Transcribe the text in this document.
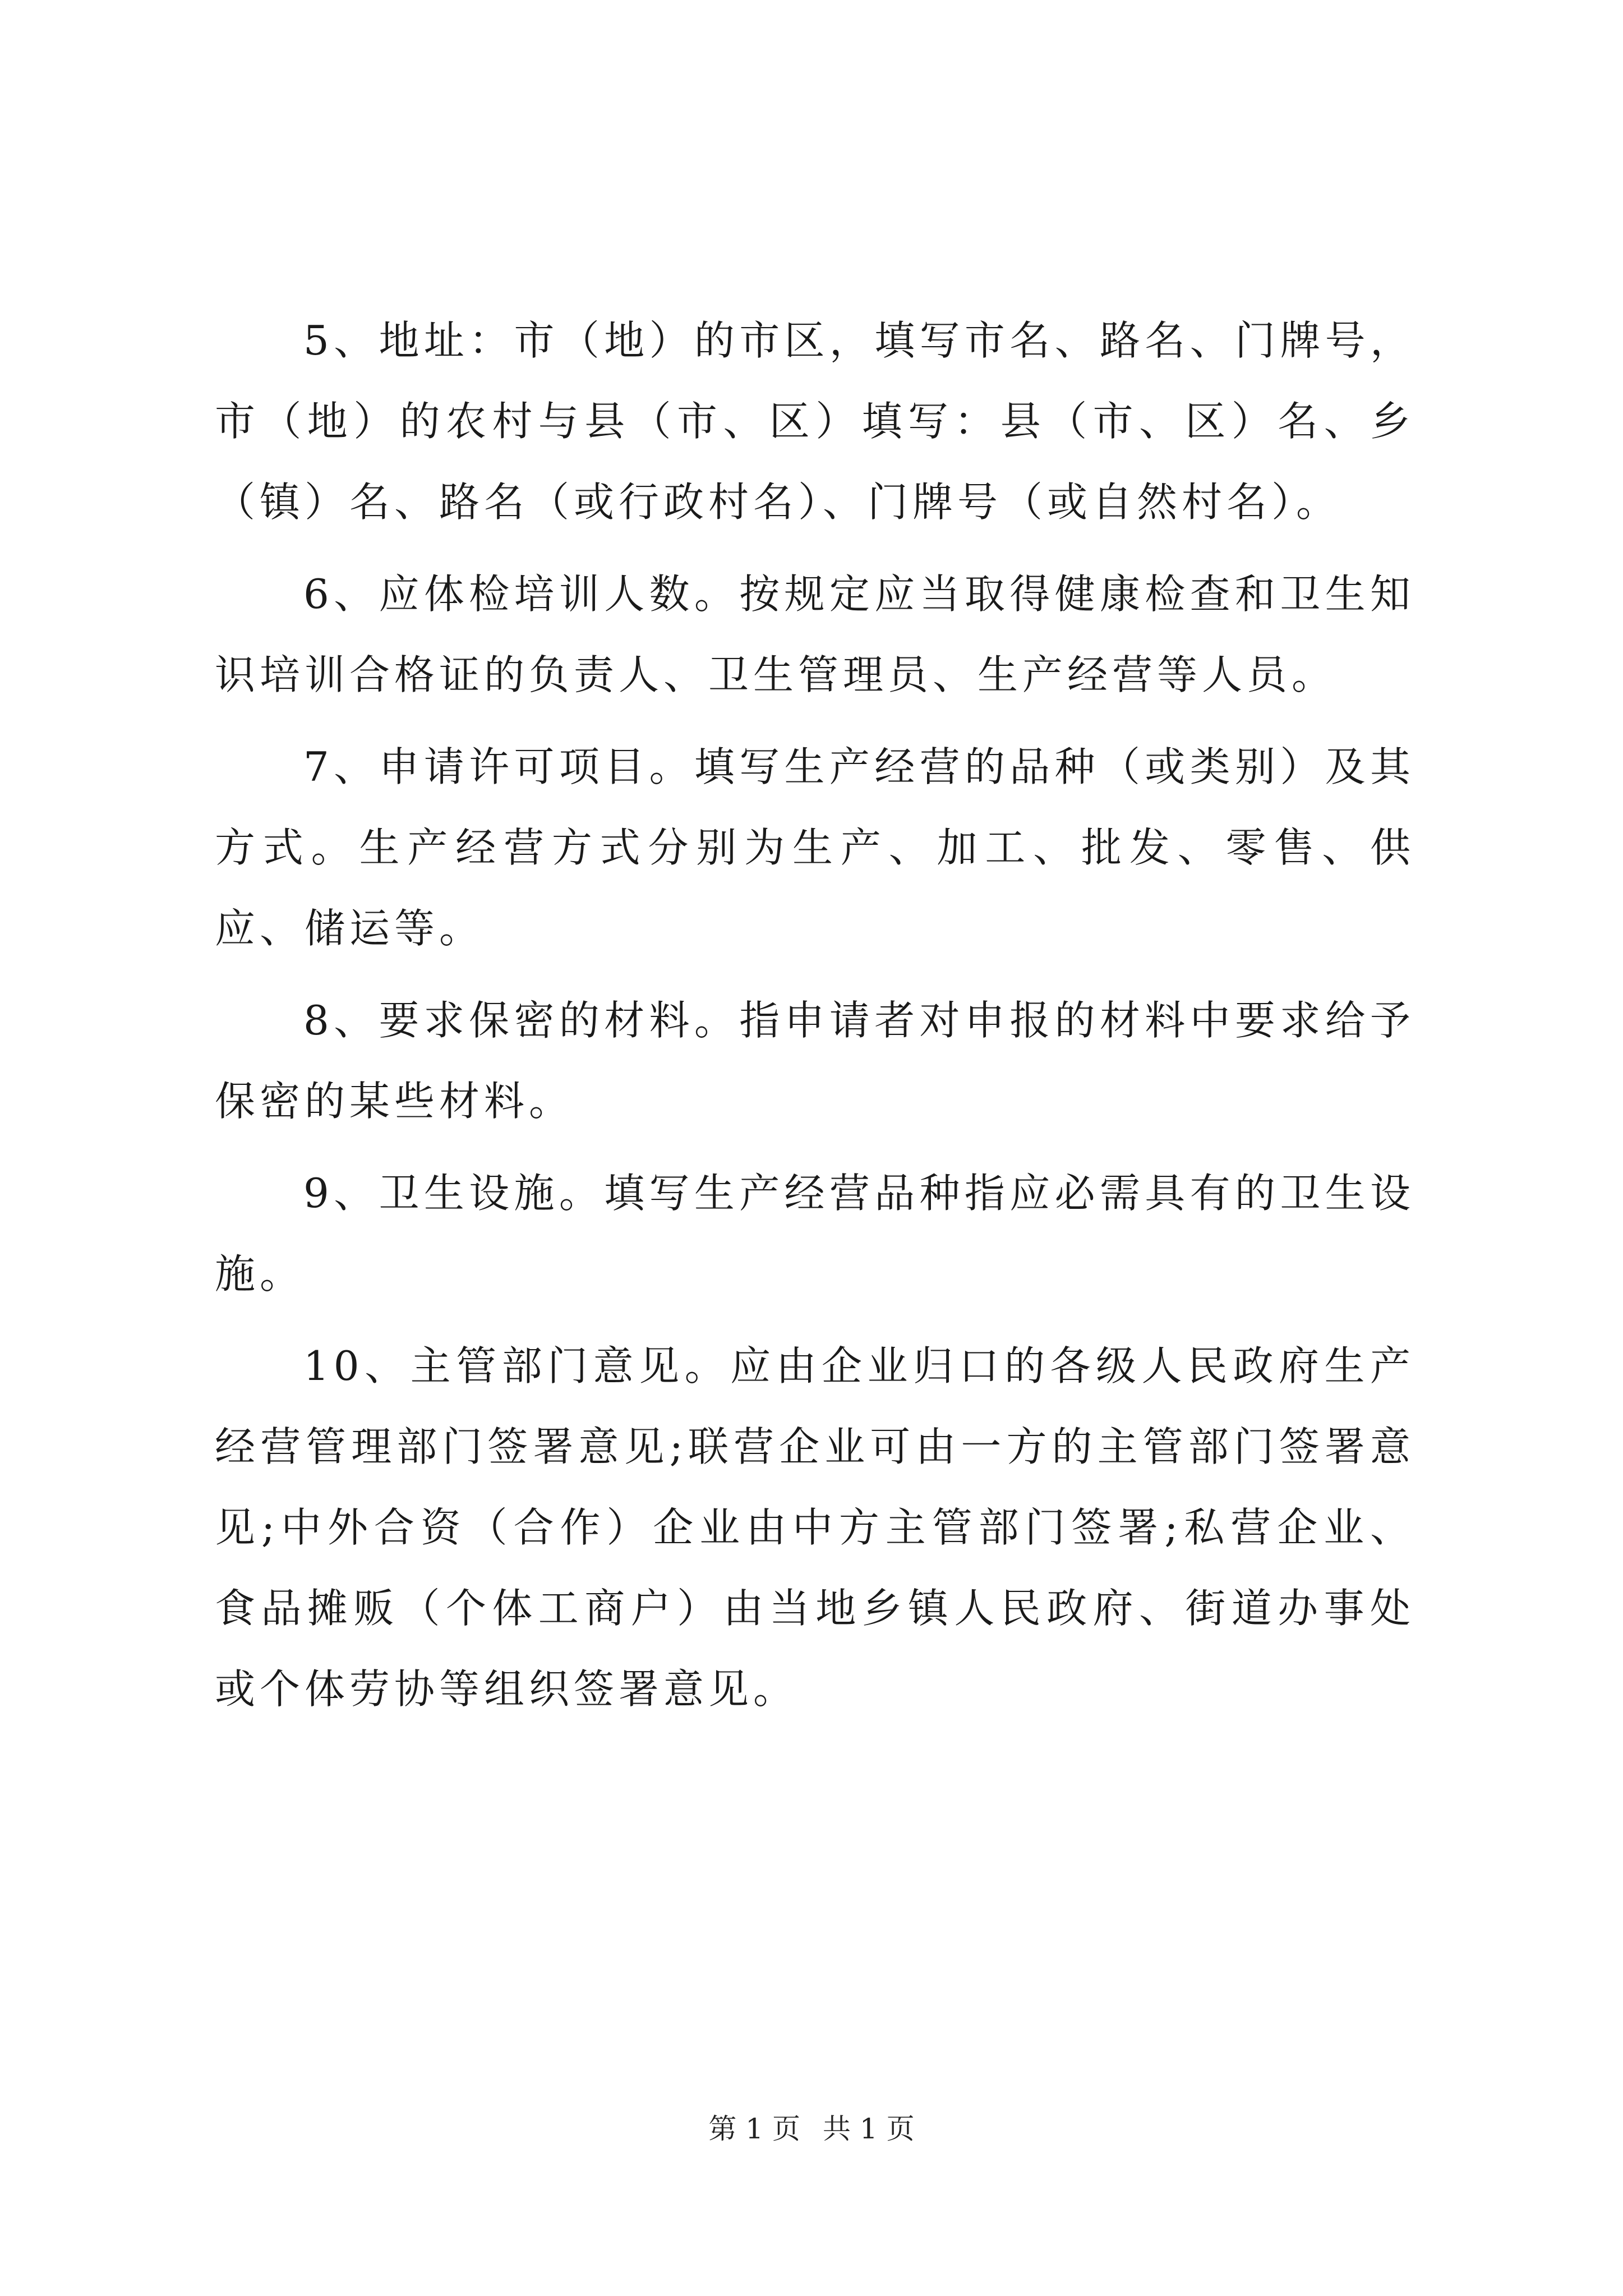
5、地址：市（地）的市区，填写市名、路名、门牌号，市（地）的农村与县（市、区）填写：县（市、区）名、乡（镇）名、路名（或行政村名）、门牌号（或自然村名）。

6、应体检培训人数。按规定应当取得健康检查和卫生知识培训合格证的负责人、卫生管理员、生产经营等人员。

7、申请许可项目。填写生产经营的品种（或类别）及其方式。生产经营方式分别为生产、加工、批发、零售、供应、储运等。

8、要求保密的材料。指申请者对申报的材料中要求给予保密的某些材料。

9、卫生设施。填写生产经营品种指应必需具有的卫生设施。

10、主管部门意见。应由企业归口的各级人民政府生产经营管理部门签署意见;联营企业可由一方的主管部门签署意见;中外合资（合作）企业由中方主管部门签署;私营企业、食品摊贩（个体工商户）由当地乡镇人民政府、街道办事处或个体劳协等组织签署意见。

第 1 页 共 1 页
